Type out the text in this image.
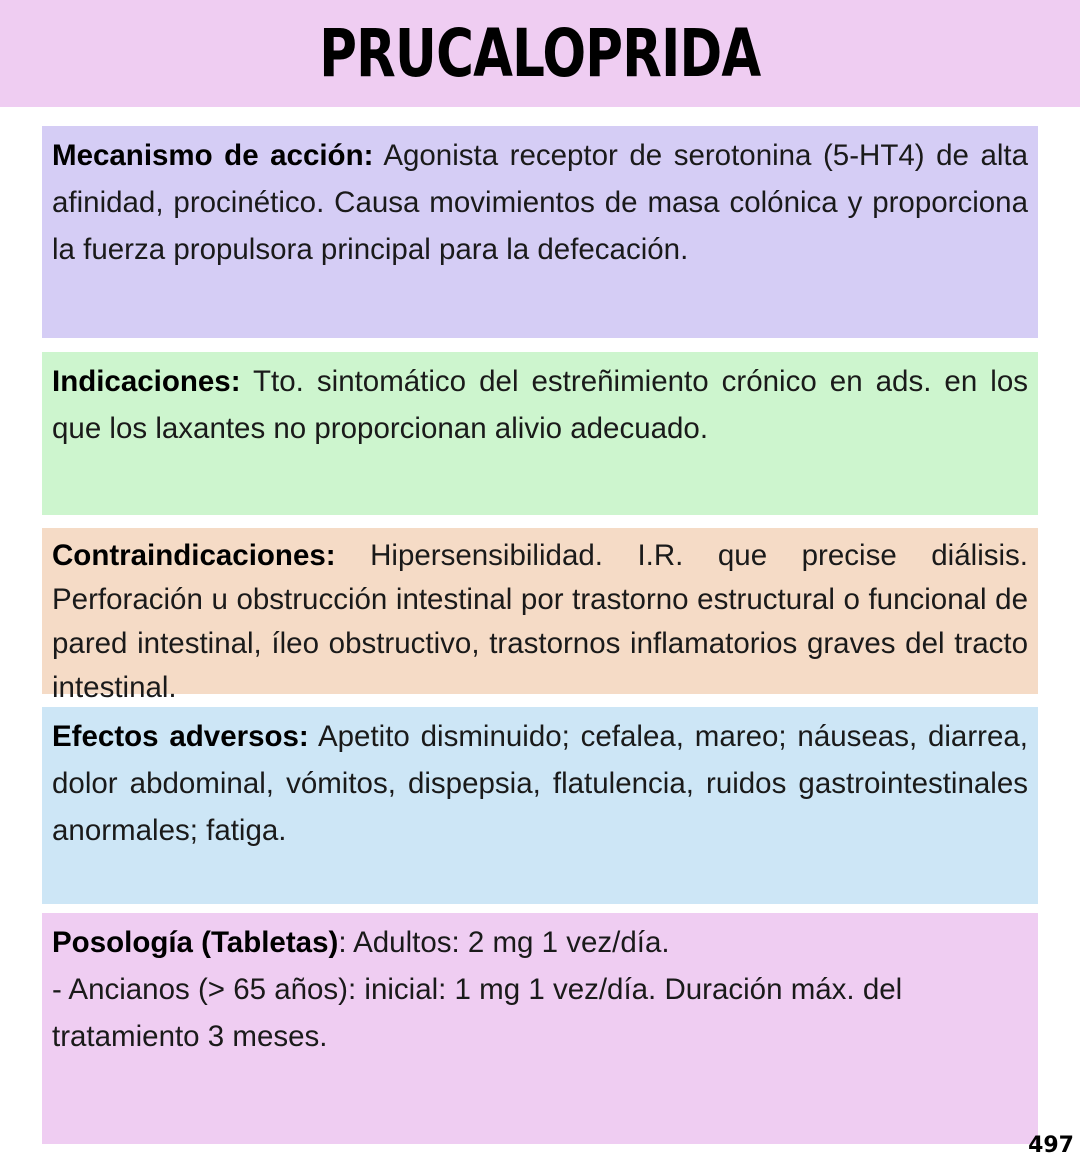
PRUCALOPRIDA
Mecanismo de acción: Agonista receptor de serotonina (5-HT4) de alta afinidad, procinético. Causa movimientos de masa colónica y proporciona la fuerza propulsora principal para la defecación.
Indicaciones: Tto. sintomático del estreñimiento crónico en ads. en los que los laxantes no proporcionan alivio adecuado.
Contraindicaciones: Hipersensibilidad. I.R. que precise diálisis. Perforación u obstrucción intestinal por trastorno estructural o funcional de pared intestinal, íleo obstructivo, trastornos inflamatorios graves del tracto intestinal.
Efectos adversos: Apetito disminuido; cefalea, mareo; náuseas, diarrea, dolor abdominal, vómitos, dispepsia, flatulencia, ruidos gastrointestinales anormales; fatiga.
Posología (Tabletas): Adultos: 2 mg 1 vez/día.
- Ancianos (> 65 años): inicial: 1 mg 1 vez/día. Duración máx. del tratamiento 3 meses.
497
